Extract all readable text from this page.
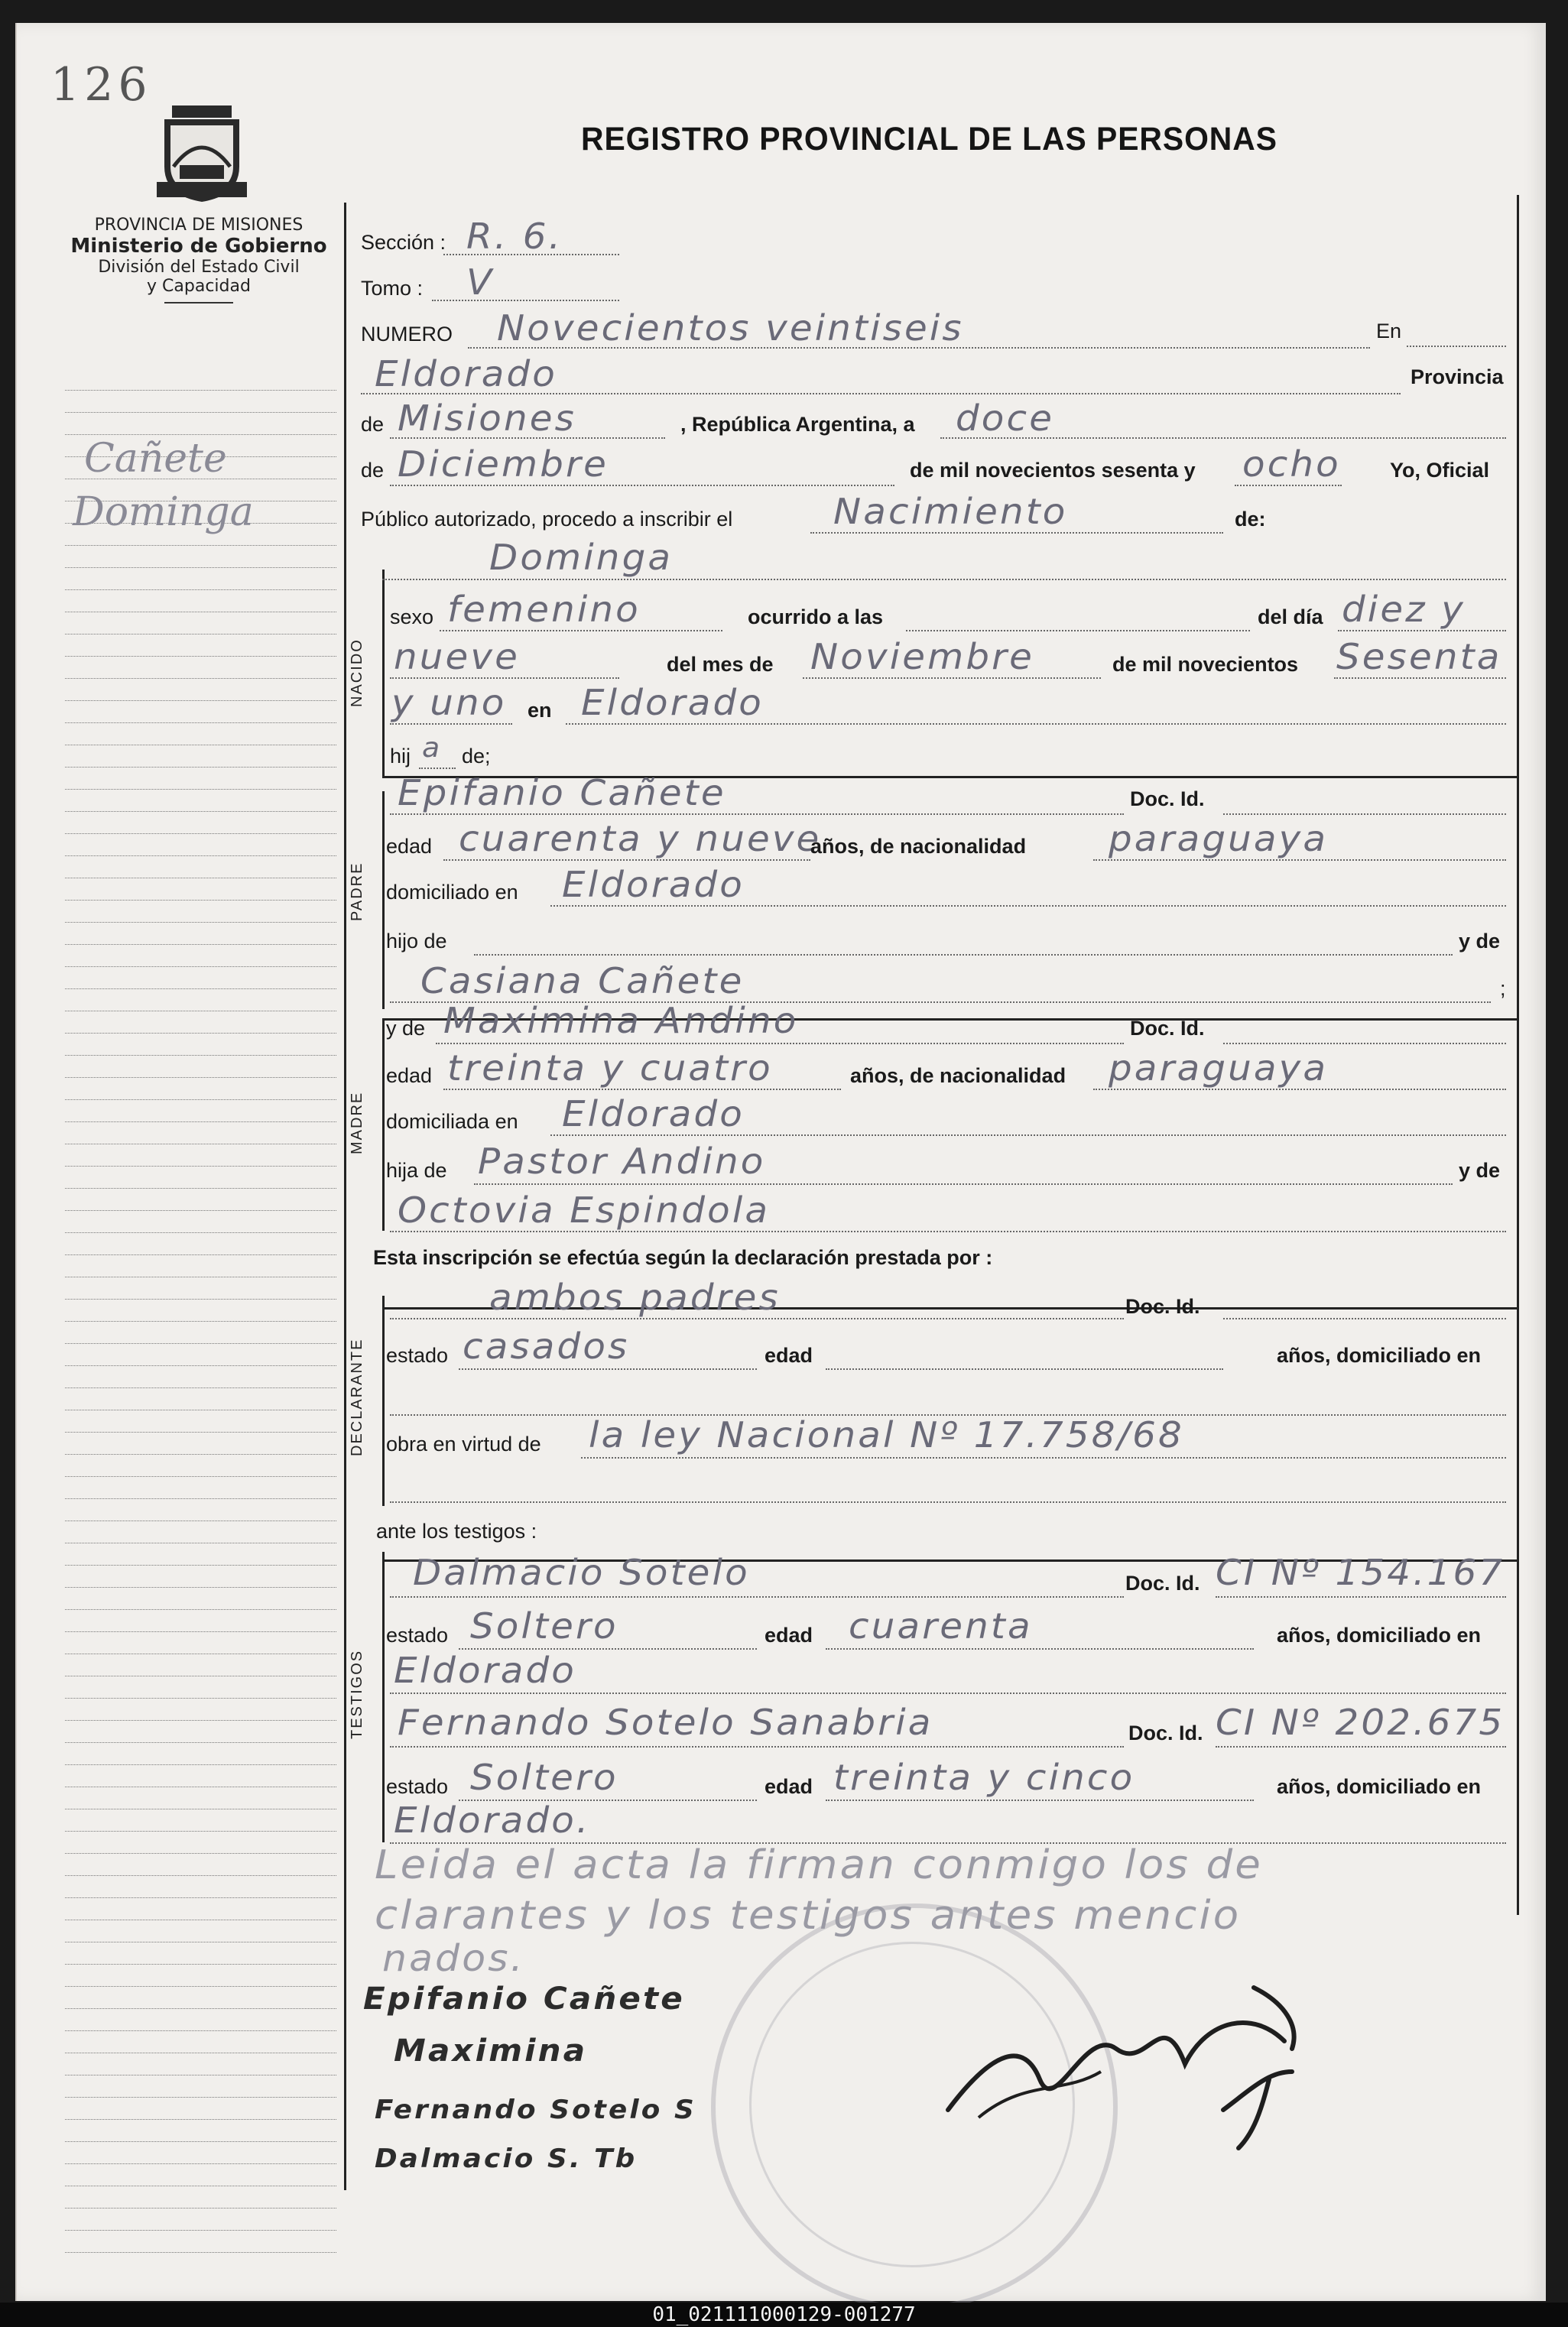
126
REGISTRO PROVINCIAL DE LAS PERSONAS
PROVINCIA DE MISIONES
Ministerio de Gobierno
División del Estado Civil
y Capacidad
Cañete
Dominga
NACIDO
PADRE
MADRE
DECLARANTE
TESTIGOS
Sección : R. 6.
Tomo : V
NUMERO Novecientos veintiseis	En
Eldorado	Provincia
de Misiones	, República Argentina, a doce
de Diciembre	de mil novecientos sesenta y ocho Yo, Oficial
Público autorizado, procedo a inscribir el	Nacimiento	de:
Dominga
sexo femenino	ocurrido a las	del día diez y
nueve	del mes de Noviembre	de mil novecientos Sesenta
y uno en Eldorado
hij a de;
Epifanio Cañete	Doc. Id.
edad cuarenta y nueve
años, de nacionalidad paraguaya
domiciliado en Eldorado
hijo de	y de
Casiana Cañete	;
y de Maximina Andino	Doc. Id.
edad treinta y cuatro	años, de nacionalidad paraguaya
domiciliada en Eldorado
hija de Pastor Andino	y de
Octovia Espindola
Esta inscripción se efectúa según la declaración prestada por :
ambos padres	Doc. Id.
estado casados	edad	años, domiciliado en
obra en virtud de la ley Nacional Nº 17.758/68
ante los testigos :
Dalmacio Sotelo	Doc. Id. CI Nº 154.167
estado Soltero	edad cuarenta	años, domiciliado en
Eldorado
Fernando Sotelo Sanabria	Doc. Id. CI Nº 202.675
estado Soltero	edad treinta y cinco	años, domiciliado en
Eldorado.
Leida el acta la firman conmigo los de
clarantes y los testigos antes mencio
nados.
Epifanio Cañete
Maximina
Fernando Sotelo S
Dalmacio S. Tb
01_021111000129-001277
